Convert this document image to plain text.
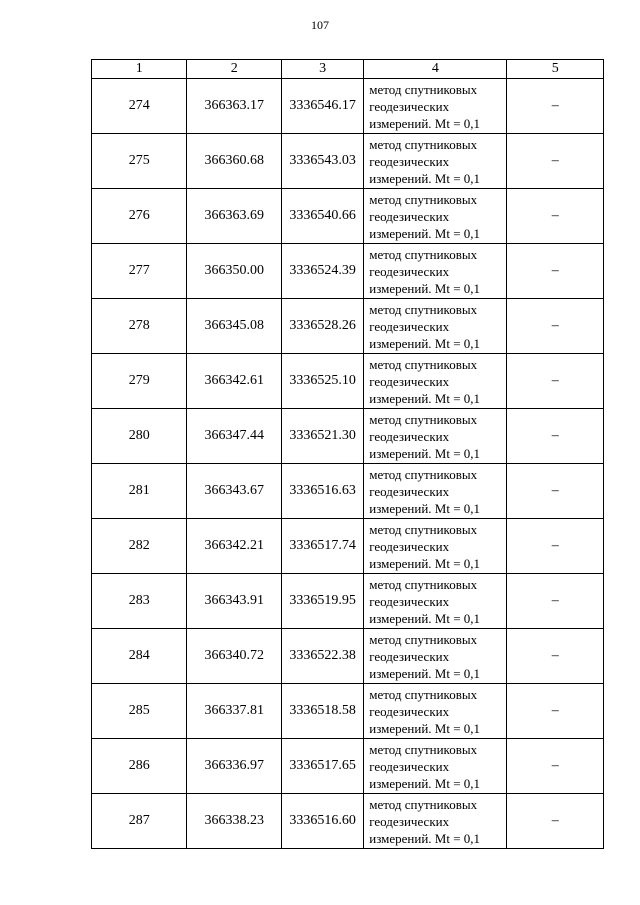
107
1	2	3	4	5
274	366363.17	3336546.17	метод спутниковых
геодезических
измерений. Mt = 0,1	–
275	366360.68	3336543.03	метод спутниковых
геодезических
измерений. Mt = 0,1	–
276	366363.69	3336540.66	метод спутниковых
геодезических
измерений. Mt = 0,1	–
277	366350.00	3336524.39	метод спутниковых
геодезических
измерений. Mt = 0,1	–
278	366345.08	3336528.26	метод спутниковых
геодезических
измерений. Mt = 0,1	–
279	366342.61	3336525.10	метод спутниковых
геодезических
измерений. Mt = 0,1	–
280	366347.44	3336521.30	метод спутниковых
геодезических
измерений. Mt = 0,1	–
281	366343.67	3336516.63	метод спутниковых
геодезических
измерений. Mt = 0,1	–
282	366342.21	3336517.74	метод спутниковых
геодезических
измерений. Mt = 0,1	–
283	366343.91	3336519.95	метод спутниковых
геодезических
измерений. Mt = 0,1	–
284	366340.72	3336522.38	метод спутниковых
геодезических
измерений. Mt = 0,1	–
285	366337.81	3336518.58	метод спутниковых
геодезических
измерений. Mt = 0,1	–
286	366336.97	3336517.65	метод спутниковых
геодезических
измерений. Mt = 0,1	–
287	366338.23	3336516.60	метод спутниковых
геодезических
измерений. Mt = 0,1	–
